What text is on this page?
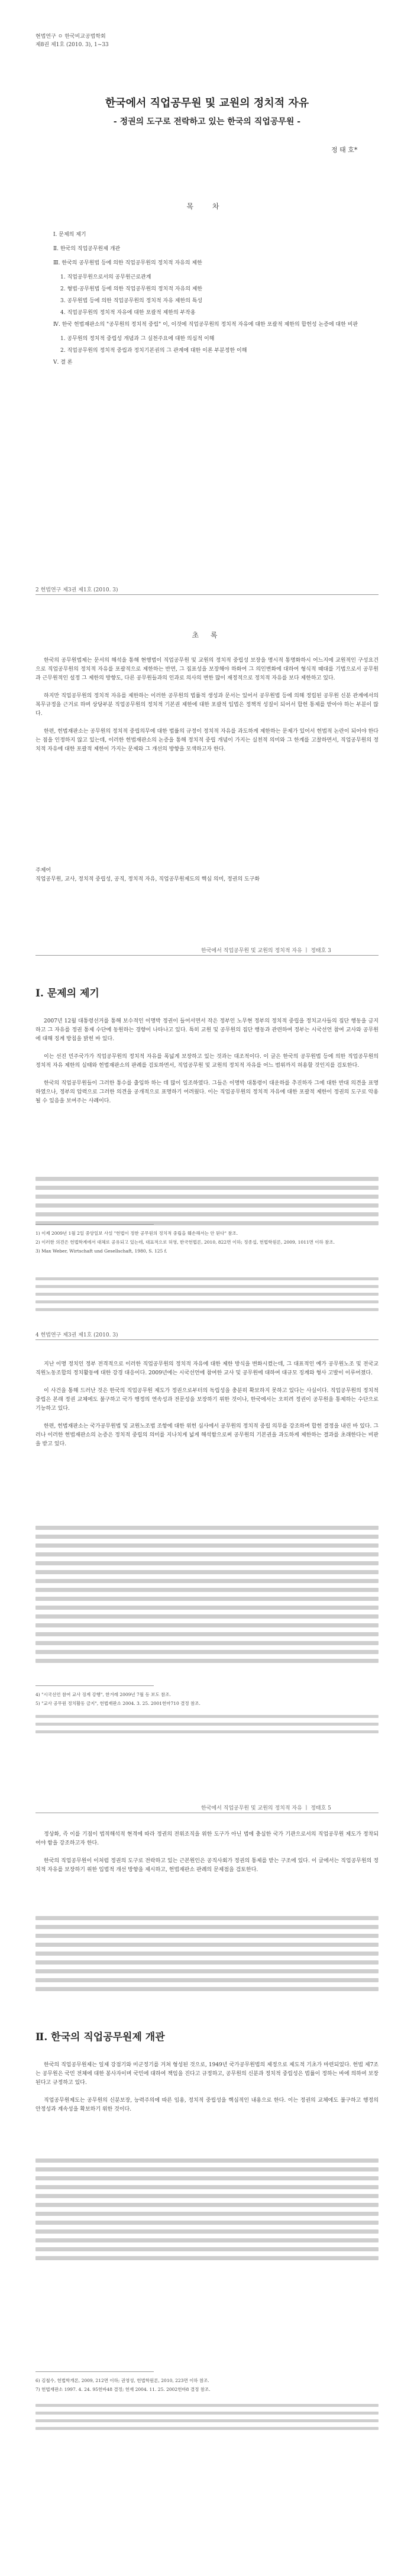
현법연구 ㅇ 한국비교공법학회
제8권 제1호 (2010. 3), 1~33
한국에서 직업공무원 및 교원의 정치적 자유
- 정권의 도구로 전락하고 있는 한국의 직업공무원 -
정 태 호*
목 차
Ⅰ. 문제의 제기
Ⅱ. 한국의 직업공무원제 개관
Ⅲ. 한국의 공무원법 등에 의한 직업공무원의 정치적 자유의 제한
1. 직업공무원으로서의 공무원근로관계
2. 형법·공무원법 등에 의한 직업공무원의 정치적 자유의 제한
3. 공무원법 등에 의한 직업공무원의 정치적 자유 제한의 특성
4. 직업공무원의 정치적 자유에 대한 포괄적 제한의 부작용
Ⅳ. 한국 헌법재판소의 "공무원의 정치적 중립" 이, 이것에 직업공무원의 정치적 자유에 대한 포괄적 제한의 합헌성 논증에 대한 비판
1. 공무원의 정치적 중립성 개념과 그 실천주요에 대한 의심적 이해
2. 직업공무원의 정치적 중립과 정치기본권의 그 관계에 대한 이론 부분정한 이해
Ⅴ. 결 론
2 헌법연구 제3권 제1호 (2010. 3)
초 록

한국의 공무원법제는 문서의 해석을 통해 현행법이 직업공무원 및 교원의 정치적 중립성 보장을 명시적 통명화하시 어느지에 교원적인 구성요건으로 직업공무원의 정치적 자유를 포괄적으로 제한하는 반면, 그 집표성을 보장해야 하화여 그 의인변화에 대하여 형식적 때대를 기법으로서 공무원과 근무원적인 설정 그 제한의 방향도, 다른 공무원들과의 인과로 의사의 변한 많이 재정적으로 정치적 자유를 보다 제한하고 있다.

하지만 직업공무원의 정치적 자유를 제한하는 이러한 공무원의 법률적 생성과 문서는 있어서 공무원법 등에 의해 정립된 공무원 신분 관계에서의 복무규정을 근거로 하며 상당부분 직업공무원의 정치적 기본권 제한에 대한 포괄적 입법은 정책적 성질이 되어서 합헌 통제를 받아야 하는 부분이 많다.

한편, 헌법재판소는 공무원의 정치적 중립의무에 대한 법률의 규정이 정치적 자유를 과도하게 제한하는 문제가 있어서 헌법적 논란이 되어야 한다는 점을 인정하지 않고 있는데, 이러한 헌법재판소의 논증을 통해 정치적 중립 개념이 가지는 실천적 의미와 그 한계를 고찰하면서, 직업공무원의 정치적 자유에 대한 포괄적 제한이 가지는 문제와 그 개선의 방향을 모색하고자 한다.

주제어
직업공무원, 교사, 정치적 중립성, 공직, 정치적 자유, 직업공무원제도의 핵심 의미, 정권의 도구화
한국에서 직업공무원 및 교원의 정치적 자유 ㅣ 정태호 3
Ⅰ. 문제의 제기

2007년 12월 대통령선거를 통해 보수적인 이명박 정권이 들어서면서 작은 정부인 노무현 정부의 정치적 중립을 정치교사들의 집단 행동을 금지하고 그 자유를 정권 통제 수단에 동원하는 경향이 나타나고 있다. 특히 교원 및 공무원의 집단 행동과 관련하여 정부는 시국선언 참여 교사와 공무원에 대해 징계 방침을 밝힌 바 있다.

이는 선진 민주국가가 직업공무원의 정치적 자유를 폭넓게 보장하고 있는 것과는 대조적이다. 이 글은 한국의 공무원법 등에 의한 직업공무원의 정치적 자유 제한의 실태와 헌법재판소의 판례를 검토하면서, 직업공무원 및 교원의 정치적 자유를 어느 범위까지 허용할 것인지를 검토한다.

한국의 직업공무원들이 그러한 통수를 출입하 하는 데 많이 일조하였다. 그들은 이명박 대통령이 대운하를 추진하자 그에 대한 반대 의견을 표명하였으나, 정부의 압력으로 그러한 의견을 공개적으로 표명하기 어려웠다. 이는 직업공무원의 정치적 자유에 대한 포괄적 제한이 정권의 도구로 악용될 수 있음을 보여주는 사례이다.

1) 이제 2009년 1월 2일 중앙일보 사설 "헌법이 정한 공무원의 정치적 중립을 훼손해서는 안 된다" 참조.
2) 이러한 의견은 헌법학계에서 대체로 공유되고 있는데, 대표적으로 허영, 한국헌법론, 2010, 822면 이하; 정종섭, 헌법학원론, 2009, 1011면 이하 참조.
3) Max Weber, Wirtschaft und Gesellschaft, 1980, S. 125 f.
4 헌법연구 제3권 제1호 (2010. 3)

지난 이명 정치인 정부 전격적으로 이러한 직업공무원의 정치적 자유에 대한 제한 방식을 변화시켰는데, 그 대표적인 예가 공무원노조 및 전국교직원노동조합의 정치활동에 대한 강경 대응이다. 2009년에는 시국선언에 참여한 교사 및 공무원에 대하여 대규모 징계와 형사 고발이 이루어졌다.

이 사건을 통해 드러난 것은 한국의 직업공무원 제도가 정권으로부터의 독립성을 충분히 확보하지 못하고 있다는 사실이다. 직업공무원의 정치적 중립은 본래 정권 교체에도 불구하고 국가 행정의 연속성과 전문성을 보장하기 위한 것이나, 한국에서는 오히려 정권이 공무원을 통제하는 수단으로 기능하고 있다.

한편, 헌법재판소는 국가공무원법 및 교원노조법 조항에 대한 위헌 심사에서 공무원의 정치적 중립 의무를 강조하며 합헌 결정을 내린 바 있다. 그러나 이러한 헌법재판소의 논증은 정치적 중립의 의미를 지나치게 넓게 해석함으로써 공무원의 기본권을 과도하게 제한하는 결과를 초래한다는 비판을 받고 있다.

4) "시국선언 참여 교사 징계 강행", 한겨레 2009년 7월 등 보도 참조.
5) "교사 공무원 정치활동 금지", 헌법재판소 2004. 3. 25. 2001헌마710 결정 참조.
한국에서 직업공무원 및 교원의 정치적 자유 ㅣ 정태호 5

정상화, 즉 이를 기점이 법적해석적 현격에 따라 정권의 전위조직을 위한 도구가 아닌 법에 충실한 국가 기관으로서의 직업공무원 제도가 정착되어야 함을 강조하고자 한다.

한국의 직업공무원이 이처럼 정권의 도구로 전락하고 있는 근본원인은 공직사회가 정권의 통제를 받는 구조에 있다. 이 글에서는 직업공무원의 정치적 자유를 보장하기 위한 입법적 개선 방향을 제시하고, 헌법재판소 판례의 문제점을 검토한다.

Ⅱ. 한국의 직업공무원제 개관

한국의 직업공무원제는 일제 강점기와 미군정기를 거쳐 형성된 것으로, 1949년 국가공무원법의 제정으로 제도적 기초가 마련되었다. 헌법 제7조는 공무원은 국민 전체에 대한 봉사자이며 국민에 대하여 책임을 진다고 규정하고, 공무원의 신분과 정치적 중립성은 법률이 정하는 바에 의하여 보장된다고 규정하고 있다.

직업공무원제도는 공무원의 신분보장, 능력주의에 따른 임용, 정치적 중립성을 핵심적인 내용으로 한다. 이는 정권의 교체에도 불구하고 행정의 안정성과 계속성을 확보하기 위한 것이다.

6) 김철수, 헌법학개론, 2009, 212면 이하; 권영성, 헌법학원론, 2010, 223면 이하 참조.
7) 헌법재판소 1997. 4. 24. 95헌바48 결정; 헌재 2004. 11. 25. 2002헌바8 결정 참조.
